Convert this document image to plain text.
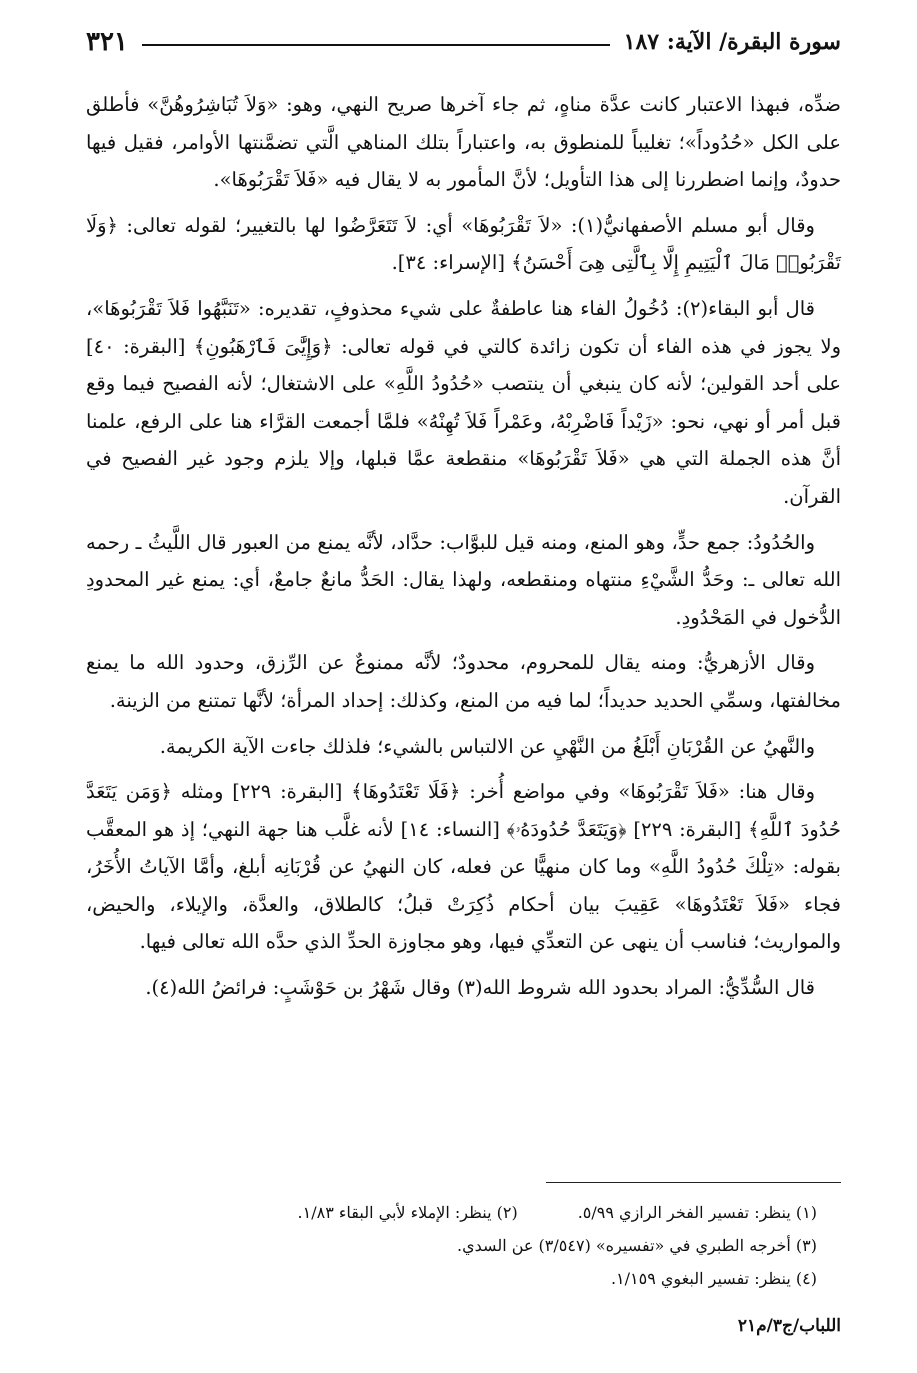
سورة البقرة/ الآية: ١٨٧
٣٢١

ضدِّه، فبهذا الاعتبار كانت عدَّة مناهٍ، ثم جاء آخرها صريح النهي، وهو: «وَلاَ تُبَاشِرُوهُنَّ» فأطلق على الكل «حُدُوداً»؛ تغليباً للمنطوق به، واعتباراً بتلك المناهي الَّتي تضمَّنتها الأوامر، فقيل فيها حدودٌ، وإنما اضطررنا إلى هذا التأويل؛ لأنَّ المأمور به لا يقال فيه «فَلاَ تَقْرَبُوهَا».

وقال أبو مسلم الأصفهانيُّ(١): «لاَ تَقْرَبُوهَا» أي: لاَ تَتَعَرَّضُوا لها بالتغيير؛ لقوله تعالى: ﴿وَلَا تَقْرَبُوا۟ مَالَ ٱلْيَتِيمِ إِلَّا بِٱلَّتِى هِىَ أَحْسَنُ﴾ [الإسراء: ٣٤].

قال أبو البقاء(٢): دُخُولُ الفاء هنا عاطفةٌ على شيء محذوفٍ، تقديره: «تَنَبَّهُوا فَلاَ تَقْرَبُوهَا»، ولا يجوز في هذه الفاء أن تكون زائدة كالتي في قوله تعالى: ﴿وَإِيَّٰىَ فَٱرْهَبُونِ﴾ [البقرة: ٤٠] على أحد القولين؛ لأنه كان ينبغي أن ينتصب «حُدُودُ اللَّهِ» على الاشتغال؛ لأنه الفصيح فيما وقع قبل أمر أو نهي، نحو: «زَيْداً فَاضْرِبْهُ، وعَمْراً فَلاَ تُهِنْهُ» فلمَّا أجمعت القرَّاء هنا على الرفع، علمنا أنَّ هذه الجملة التي هي «فَلاَ تَقْرَبُوهَا» منقطعة عمَّا قبلها، وإلا يلزم وجود غير الفصيح في القرآن.

والحُدُودُ: جمع حدٍّ، وهو المنع، ومنه قيل للبوَّاب: حدَّاد، لأنَّه يمنع من العبور قال اللَّيثُ ـ رحمه الله تعالى ـ: وحَدُّ الشَّيْءِ منتهاه ومنقطعه، ولهذا يقال: الحَدُّ مانعٌ جامعٌ، أي: يمنع غير المحدودِ الدُّخول في المَحْدُودِ.

وقال الأزهريُّ: ومنه يقال للمحروم، محدودٌ؛ لأنَّه ممنوعٌ عن الرِّزق، وحدود الله ما يمنع مخالفتها، وسمِّي الحديد حديداً؛ لما فيه من المنع، وكذلك: إحداد المرأة؛ لأنَّها تمتنع من الزينة.

والنَّهيُ عن القُرْبَانِ أَبْلَغُ من النَّهْيِ عن الالتباس بالشيء؛ فلذلك جاءت الآية الكريمة.

وقال هنا: «فَلاَ تَقْرَبُوهَا» وفي مواضع أُخر: ﴿فَلَا تَعْتَدُوهَا﴾ [البقرة: ٢٢٩] ومثله ﴿وَمَن يَتَعَدَّ حُدُودَ ٱللَّهِ﴾ [البقرة: ٢٢٩] ﴿وَيَتَعَدَّ حُدُودَهُۥ﴾ [النساء: ١٤] لأنه غلَّب هنا جهة النهي؛ إذ هو المعقَّب بقوله: «تِلْكَ حُدُودُ اللَّهِ» وما كان منهيًّا عن فعله، كان النهيُ عن قُرْبَانِه أبلغ، وأمَّا الآياتُ الأُخَرُ، فجاء «فَلاَ تَعْتَدُوهَا» عَقِيبَ بيان أحكام ذُكِرَتْ قبلُ؛ كالطلاق، والعدَّة، والإيلاء، والحيض، والمواريث؛ فناسب أن ينهى عن التعدِّي فيها، وهو مجاوزة الحدِّ الذي حدَّه الله تعالى فيها.

قال السُّدِّيُّ: المراد بحدود الله شروط الله(٣) وقال شَهْرُ بن حَوْشَبٍ: فرائضُ الله(٤).

(١) ينظر: تفسير الفخر الرازي ٥/٩٩.
(٢) ينظر: الإملاء لأبي البقاء ١/٨٣.
(٣) أخرجه الطبري في «تفسيره» (٣/٥٤٧) عن السدي.
(٤) ينظر: تفسير البغوي ١/١٥٩.
اللباب/ج٣/م٢١
